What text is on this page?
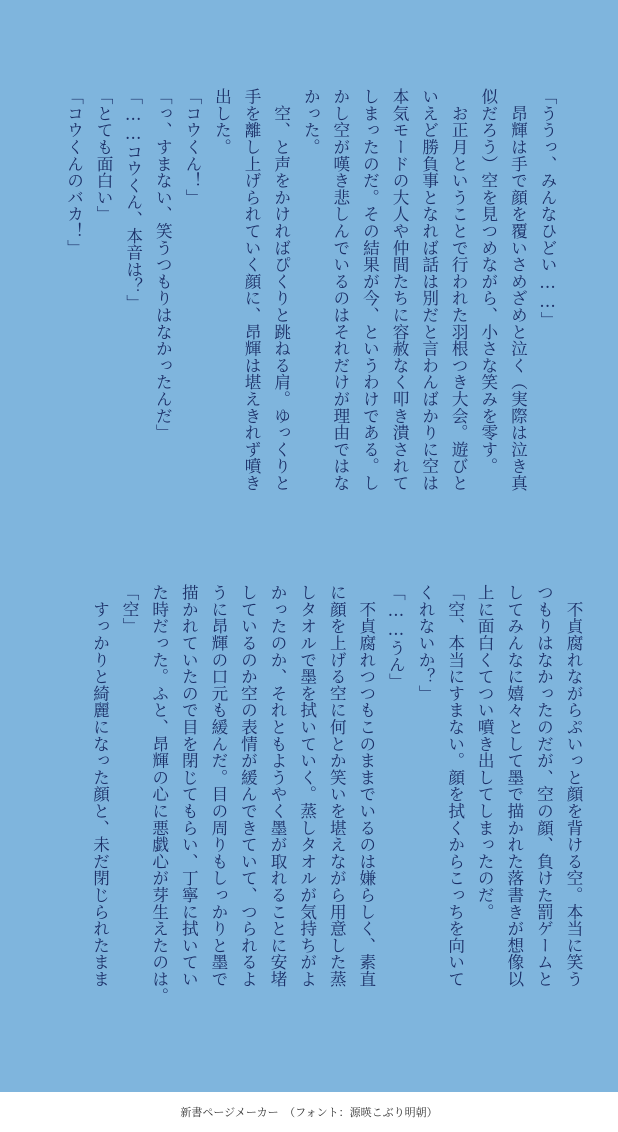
「ううっ、みんなひどい……」

　昂輝は手で顔を覆いさめざめと泣く（実際は泣き真

似だろう）空を見つめながら、小さな笑みを零す。

　お正月ということで行われた羽根つき大会。遊びと

いえど勝負事となれば話は別だと言わんばかりに空は

本気モードの大人や仲間たちに容赦なく叩き潰されて

しまったのだ。その結果が今、というわけである。し

かし空が嘆き悲しんでいるのはそれだけが理由ではな

かった。

　空、と声をかければぴくりと跳ねる肩。ゆっくりと

手を離し上げられていく顔に、昂輝は堪えきれず噴き

出した。

「コウくん！」

「っ、すまない、笑うつもりはなかったんだ」

「……コウくん、本音は？」

「とても面白い」

「コウくんのバカ！」

　不貞腐れながらぷいっと顔を背ける空。本当に笑う

つもりはなかったのだが、空の顔、負けた罰ゲームと

してみんなに嬉々として墨で描かれた落書きが想像以

上に面白くてつい噴き出してしまったのだ。

「空、本当にすまない。顔を拭くからこっちを向いて

くれないか？」

「……うん」

　不貞腐れつつもこのままでいるのは嫌らしく、素直

に顔を上げる空に何とか笑いを堪えながら用意した蒸

しタオルで墨を拭いていく。蒸しタオルが気持ちがよ

かったのか、それともようやく墨が取れることに安堵

しているのか空の表情が緩んできていて、つられるよ

うに昂輝の口元も緩んだ。目の周りもしっかりと墨で

描かれていたので目を閉じてもらい、丁寧に拭いてい

た時だった。ふと、昂輝の心に悪戯心が芽生えたのは。

「空」

　すっかりと綺麗になった顔と、未だ閉じられたまま

新書ページメーカー　（フォント：源暎こぶり明朝）
